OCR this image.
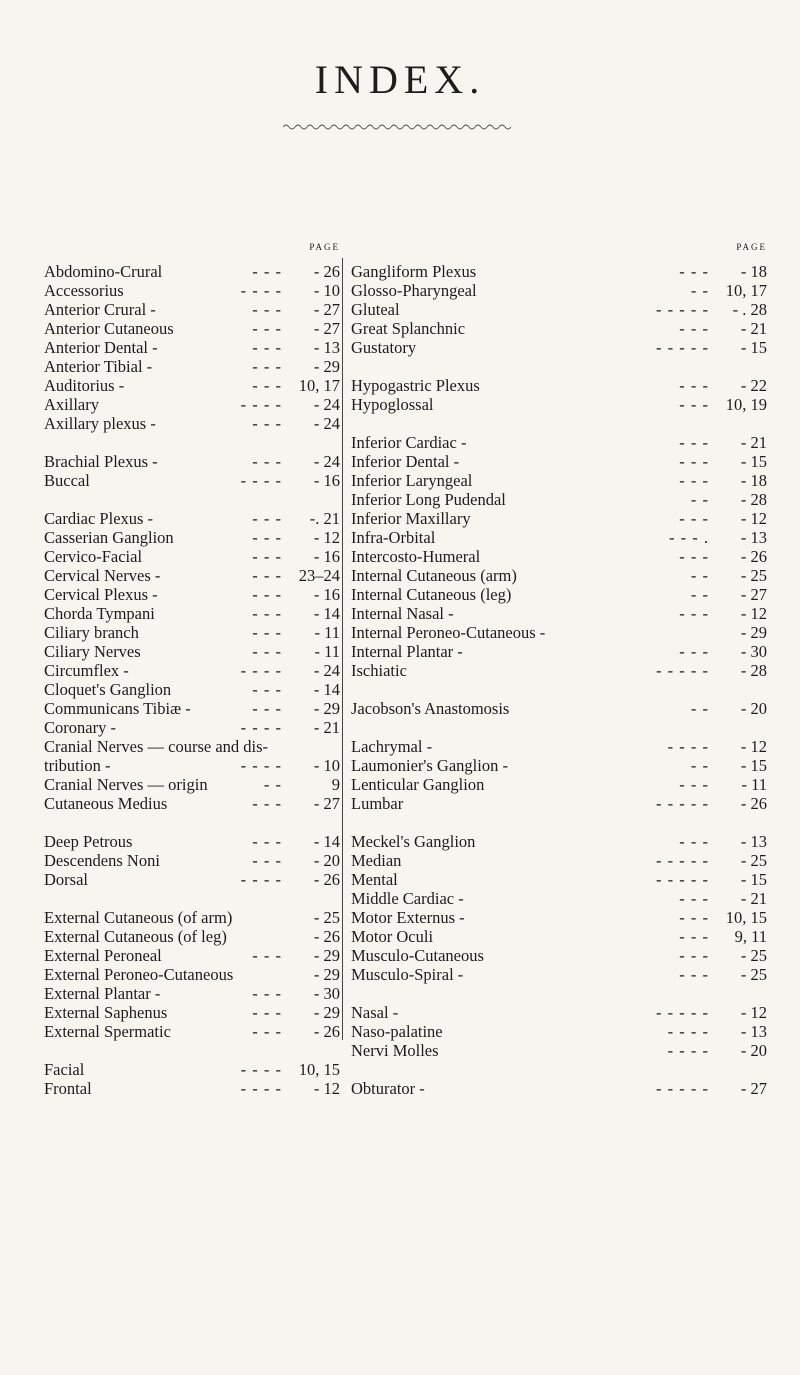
INDEX.
PAGE
Abdomino-Crural	- - - - 26
Accessorius	- - - - - 10
Anterior Crural -	- - - - 27
Anterior Cutaneous	- - - - 27
Anterior Dental -	- - - - 13
Anterior Tibial -	- - - - 29
Auditorius -	- - - 10, 17
Axillary	- - - - - 24
Axillary plexus -	- - - - 24
Brachial Plexus -	- - - - 24
Buccal	- - - - - 16
Cardiac Plexus -	- - - -. 21
Casserian Ganglion	- - - - 12
Cervico-Facial	- - - - 16
Cervical Nerves -	- - - 23–24
Cervical Plexus -	- - - - 16
Chorda Tympani	- - - - 14
Ciliary branch	- - - - 11
Ciliary Nerves	- - - - 11
Circumflex -	- - - - - 24
Cloquet's Ganglion	- - - - 14
Communicans Tibiæ -	- - - - 29
Coronary -	- - - - - 21
Cranial Nerves — course and dis-
tribution -	- - - - - 10
Cranial Nerves — origin	- -	9
Cutaneous Medius	- - - - 27
Deep Petrous	- - - - 14
Descendens Noni	- - - - 20
Dorsal	- - - - - 26
External Cutaneous (of arm)	- 25
External Cutaneous (of leg)	- 26
External Peroneal	- - - - 29
External Peroneo-Cutaneous	- 29
External Plantar -	- - - - 30
External Saphenus	- - - - 29
External Spermatic	- - - - 26
Facial	- - - - 10, 15
Frontal	- - - - - 12
PAGE
Gangliform Plexus	- - - - 18
Glosso-Pharyngeal	- - 10, 17
Gluteal	- - - - - - . 28
Great Splanchnic	- - - - 21
Gustatory	- - - - - - 15
Hypogastric Plexus	- - - - 22
Hypoglossal	- - - 10, 19
Inferior Cardiac -	- - - - 21
Inferior Dental -	- - - - 15
Inferior Laryngeal	- - - - 18
Inferior Long Pudendal	- - - 28
Inferior Maxillary	- - - - 12
Infra-Orbital	- - - . - 13
Intercosto-Humeral	- - - - 26
Internal Cutaneous (arm)	- - - 25
Internal Cutaneous (leg)	- - - 27
Internal Nasal -	- - - - 12
Internal Peroneo-Cutaneous -	- 29
Internal Plantar -	- - - - 30
Ischiatic	- - - - - - 28
Jacobson's Anastomosis	- - - 20
Lachrymal -	- - - - - 12
Laumonier's Ganglion -	- - - 15
Lenticular Ganglion	- - - - 11
Lumbar	- - - - - - 26
Meckel's Ganglion	- - - - 13
Median	- - - - - - 25
Mental	- - - - - - 15
Middle Cardiac -	- - - - 21
Motor Externus -	- - - 10, 15
Motor Oculi	- - - 9, 11
Musculo-Cutaneous	- - - - 25
Musculo-Spiral -	- - - - 25
Nasal -	- - - - - - 12
Naso-palatine	- - - - - 13
Nervi Molles	- - - - - 20
Obturator -	- - - - - - 27
